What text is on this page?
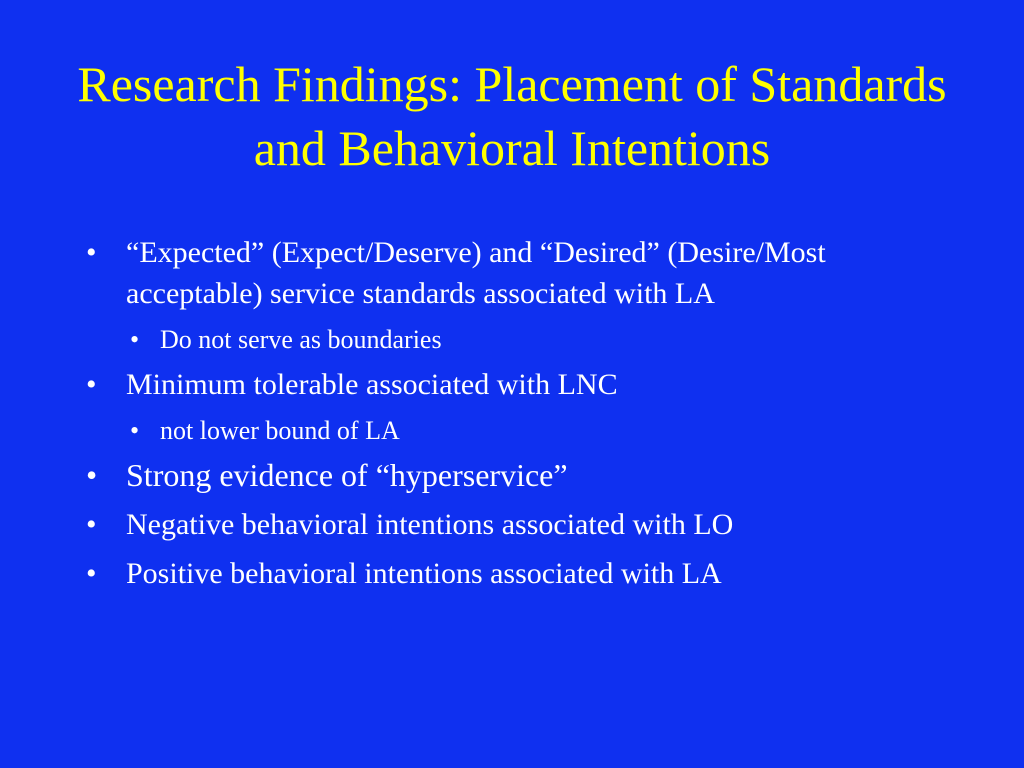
Research Findings: Placement of Standards and Behavioral Intentions
• “Expected” (Expect/Deserve) and “Desired” (Desire/Most acceptable) service standards associated with LA
• Do not serve as boundaries
• Minimum tolerable associated with LNC
• not lower bound of LA
• Strong evidence of “hyperservice”
• Negative behavioral intentions associated with LO
• Positive behavioral intentions associated with LA
